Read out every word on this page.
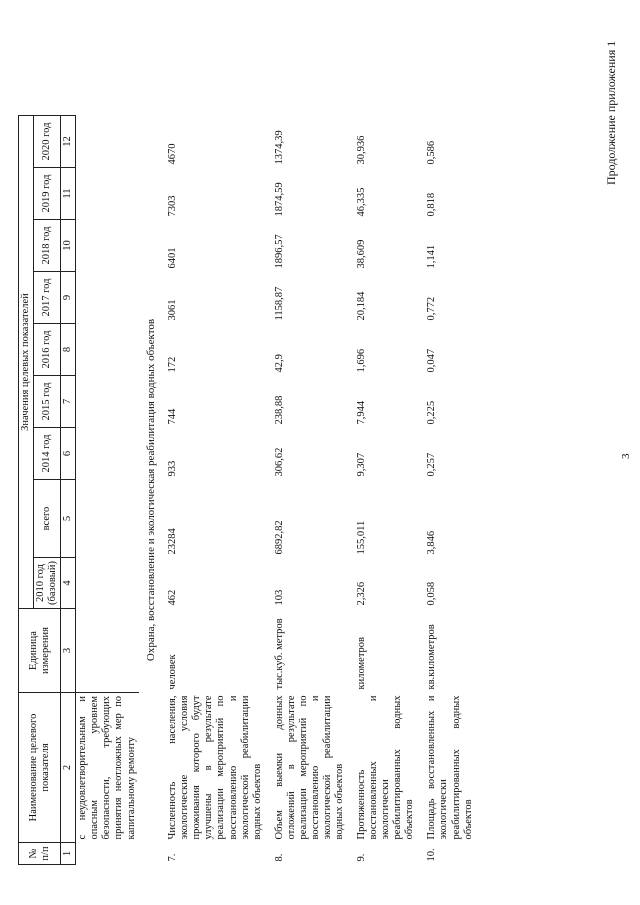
3
Продолжение приложения 1
№ п/п	Наименование целевого показателя	Единица измерения	Значения целевых показателей								
			2010 год (базовый)	всего	2014 год	2015 год	2016 год	2017 год	2018 год	2019 год	2020 год
1	2	3	4	5	6	7	8	9	10	11	12
	с неудовлетворительным и опасным уровнем безопасности, требующих принятия неотложных мер по капитальному ремонту										
Охрана, восстановление и экологическая реабилитация водных объектов											
7.	Численность населения, экологические условия проживания которого будут улучшены в результате реализации мероприятий по восстановлению и экологической реабилитации водных объектов	человек	462	23284	933	744	172	3061	6401	7303	4670
8.	Объем выемки донных отложений в результате реализации мероприятий по восстановлению и экологической реабилитации водных объектов	тыс.куб. метров	103	6892,82	306,62	238,88	42,9	1158,87	1896,57	1874,59	1374,39
9.	Протяженность восстановленных и экологически реабилитированных водных объектов	километров	2,326	155,011	9,307	7,944	1,696	20,184	38,609	46,335	30,936
10.	Площадь восстановленных и экологически реабилитированных водных объектов	кв.километров	0,058	3,846	0,257	0,225	0,047	0,772	1,141	0,818	0,586
